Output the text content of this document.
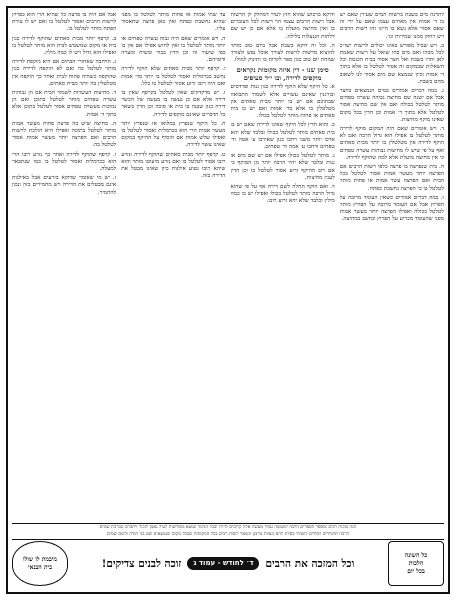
לתרנה מים בשבת ברשות המים שעירן שאם יש בו ד׳ אמות אין מאחים עצמו שאם על ידי זה שאם אסור אלא נשא בו היינו זהו רשות הרבים ויש רחוק ממנו שמירות וגו׳.

ב. ויש שביל מפורש באינו יכולים לרשות ישו״כ לכל מכהו ואם מים בחו שואל על רשות שאמת לאן ותרו בשבת ואל חצר אסור בבית הכנסת וכל השאלות שבמקום זה אסור לטלטל בו אלא בתוך ד׳ אמות וכיון שנמצא שם מים אסור לנו לשאוב מהם בשבת.

ג. במה דברים אמורים במים הנמצאים בחצר אבל אם ישנה שם מחיצה גבוהה עשרה טפחים מותר לטלטל בכולה ואם אין שם מחיצה אסור לטלטל אלא בתוך ד׳ אמות וכן הדין בכל מקום שאינו מוקף מחיצות.

ד. ויש אומרים שאם היה המקום מוקף לדירה מותר לטלטל בו אפילו הוא גדול הרבה ואם לא הוקף לדירה אין מטלטלין בו יותר מבית סאתים ואף על פי שיש לו מחיצות גבוהות עשרה טפחים כי אין מחיצה מועלת אלא למה שהוקף לדירה.

ה. בית שנפרצה בו פרצה כלפי רשות הרבים אם הפרצה יותר מעשר אמות אסור לטלטל בכל הבית ואם הפרצה עשר אמות או פחות מותר לטלטל בו כי הפרצה נחשבת כפתח.

ו. במה דברים אמורים כשאין העומד מרובה על הפרוץ אבל אם העומד מרובה על הפרוץ מותר לטלטל בכולה ואפילו הפרצה יותר מעשר אמות מפני שהעומד מכריע על הפרוץ ונחשב כמחיצה.

ודוקא ברכוש שהוא חוץ לעיר דמחלק לן הרשות אבל רשות הרבים עצמו הוי רשות לכל העוברים בו ואין מחיצה מועלת בו אלא אם כן יש שם דלתות הננעלות בלילה.

ה. וכל זה דוקא בשבת אבל ביום טוב מותר להוציא מרשות לרשות לצורך אוכל נפש ולצורך שמחת יום טוב כגון ספר לקרות בו ותינוק למולו.

סימן שנו - דין איזה מקומות נקראים מוקפים לדירה, ובו י״ד סעיפים

א. כל היקף שלא הוקף לדירה כגון גנות ופרדסים ובורגנין שאינם עשויים אלא לשמור התבואה שבתוכם אם יש בו יותר מבית סאתים אין מטלטלין בו אלא בד׳ אמות ואם יש בו בית סאתים או פחות מותר לטלטל בכולו.

ב. והוא הדין לכל היקף שאינו לדירה שאם יש בו בית סאתים מותר לטלטל בכולו ובלבד שלא יהא ארכו יותר משני רחבו כגון שאורכו ע׳ אמה וד׳ טפחים ורחבו ע׳ אמה וד׳ טפחים.

ג. מותר לטלטל בכולו אפילו אם יש שם מים או גנות ובלבד שלא יהיו הרבה יותר מן המוקף כי אם רוב ההיקף זרוע אסור לטלטל בו וכן הדין לענין מחיצות.

ד. ואם הוקף תחלה לשם דירה אף על פי שהוא גדול הרבה מותר לטלטל בכולו ואפילו יש בו כמה מילין ובלבד שלא יהא זרוע רובו.

עד שתי אמות או פחות מותר לטלטל בו מפני שהיא נחשבת כפתח ואין כאן פרצה שתאסור עליו.

ה. ויש אומרים שאם היה גבוה עשרה טפחים או יותר מותר לטלטל בו ואין לחוש אפילו אם אין בו כפי שיעור זה וכן הדין בבור ובשיח ומערה ודומיהם.

ו. קרפף יותר מבית סאתים שלא הוקף לדירה נחשב ככרמלית ואסור לטלטל בו יותר מד׳ אמות ואם היה רובו זרוע אסור לטלטל בו כלל.

ז. יש מדקדקים שאין לטלטל בקרפף שאין בו דירה אלא אם כן נעשה בו מעשה של הכשר דירה כגון שבנה בו בית או סוכה וכן הדין בשאר כל הדברים שאינם מוקפים לדירה.

ח. כל היקף שנפרץ במלואו או שנפרץ יותר מעשר אמות הרי הוא ככרמלית ואסור לטלטל בו ואפילו שלש אמות אם הוסיף על ההיקף במקום שאינו עשוי לדירה.

ט. קרפף יותר מבית סאתים שהוקף לדירה ונזרע רובו אסור לטלטל בו ואם נזרע מיעוטו מותר והוא שיהא רובו נטוע אילנות כיון שאינו מבטל את הדירה בזה.

אבל אם היה בו פרצה כל שהיא הרי הוא כפרוץ לרשות הרבים ואסור לטלטל בו ואם יש לו צורת הפתח מותר לטלטל בו.

ב. קרפף יותר מבית סאתים שהוקף לדירה כגון בית או מקום שמשמש לבית הוא מותר לטלטל בו ואפילו הוא גדול ויש לו כמה מילין.

ג. הרחבה שאחורי הבתים אם היא מוקפת לדירה מותר לטלטל בה ואם לא הוקפה לדירה כגון שהוקפה כשהיה פתוח לבית ואחר כך הוקפה אין מטלטלין בה יותר מבית סאתים.

ד. מחיצות העשויות לשמור הבית אם הן גבוהות עשרה טפחים מותר לטלטל בתוכן ואם הן נמוכות מעשרה טפחים אסור לטלטל בתוכן אלא בתוך ד׳ אמות.

ה. מחיצה שיש בה פרצה פחות מעשר אמות מותר לטלטל בתוכה ואפילו היא הולכת לרשות הרבים ואם הפרצה יותר מעשר אמות אסור לטלטל בה.

ו. קרפף שהוקף לדירה ואחר כך נזרע רובו הרי הוא ככרמלית ואסור לטלטל בו כמו שנתבאר למעלה.

ז. יש מי שאומר שדוקא בזרעים אבל באילנות אינם מבטלים את הדירה ויש מחמירים בזה ונכון להחמיר.

הנה בזכות רבים ומספר הספרים הלכה למעשה גבולי מעשה אלה קרובים לדורו ובכל הניגוד ונמצא מפורשות לעיל נאמן לזכור ויתברכו בברכת שמים
הרבה תלמידים למודים לשמור כפיות להם מצוות מרבנן ונשאר לזכות רבים בכל המקומות שבכל מקום שנמצאים שם בני תורה ולשם שמים
מיבמת לו שולו
בית הבנאי	וכל המזכה את הרבים
ד׳ לחודש - עמוד ג
זוכה לבנים צדיקים!
כל השונה
הלכות
בכל יום
